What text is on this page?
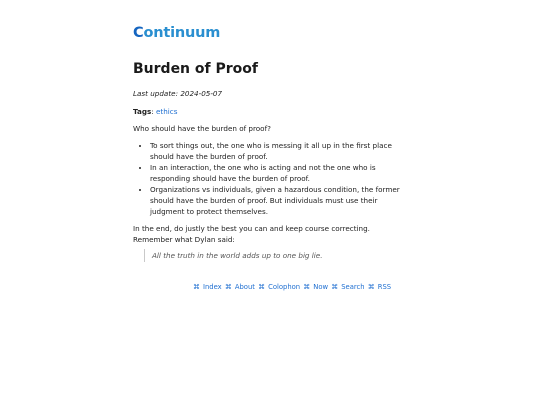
Continuum
Burden of Proof
Last update: 2024-05-07
Tags: ethics

Who should have the burden of proof?

• To sort things out, the one who is messing it all up in the first place should have the burden of proof.
• In an interaction, the one who is acting and not the one who is responding should have the burden of proof.
• Organizations vs individuals, given a hazardous condition, the former should have the burden of proof. But individuals must use their judgment to protect themselves.

In the end, do justly the best you can and keep course correcting. Remember what Dylan said:

All the truth in the world adds up to one big lie.
⌘ Index ⌘ About ⌘ Colophon ⌘ Now ⌘ Search ⌘ RSS
